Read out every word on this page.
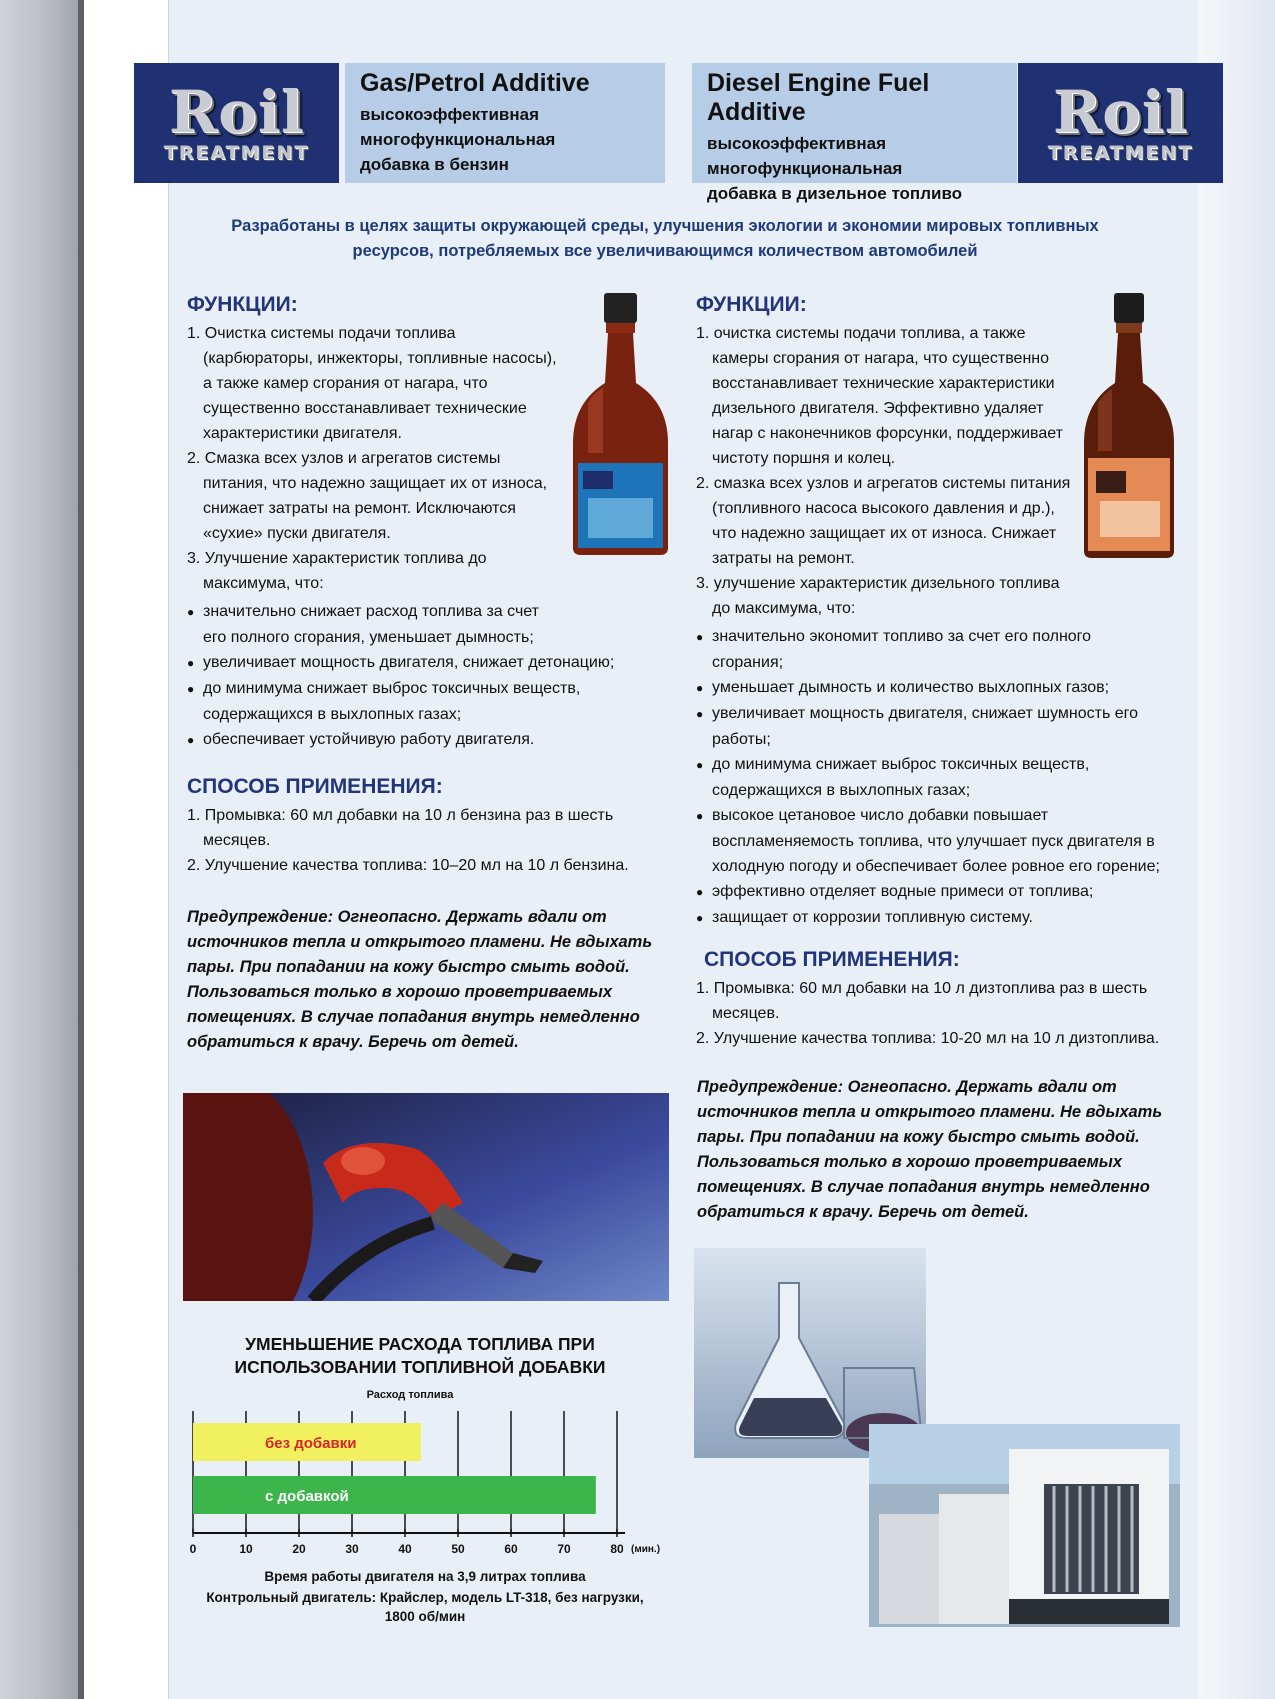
Roil
TREATMENT
Gas/Petrol Additive
высокоэффективная
многофункциональная
добавка в бензин
Diesel Engine Fuel Additive
высокоэффективная
многофункциональная
добавка в дизельное топливо
Roil
TREATMENT
Разработаны в целях защиты окружающей среды, улучшения экологии и экономии мировых топливных ресурсов, потребляемых все увеличивающимся количеством автомобилей
ФУНКЦИИ:

1. Очистка системы подачи топлива (карбюраторы, инжекторы, топливные насосы), а также камер сгорания от нагара, что существенно восстанавливает технические характеристики двигателя.

2. Смазка всех узлов и агрегатов системы питания, что надежно защищает их от износа, снижает затраты на ремонт. Исключаются «сухие» пуски двигателя.

3. Улучшение характеристик топлива до максимума, что:

● значительно снижает расход топлива за счет его полного сгорания, уменьшает дымность;

● увеличивает мощность двигателя, снижает детонацию;

● до минимума снижает выброс токсичных веществ, содержащихся в выхлопных газах;

● обеспечивает устойчивую работу двигателя.

СПОСОБ ПРИМЕНЕНИЯ:

1. Промывка: 60 мл добавки на 10 л бензина раз в шесть месяцев.

2. Улучшение качества топлива: 10–20 мл на 10 л бензина.

Предупреждение: Огнеопасно. Держать вдали от источников тепла и открытого пламени. Не вдыхать пары. При попадании на кожу быстро смыть водой. Пользоваться только в хорошо проветриваемых помещениях. В случае попадания внутрь немедленно обратиться к врачу. Беречь от детей.
ФУНКЦИИ:

1. очистка системы подачи топлива, а также камеры сгорания от нагара, что существенно восстанавливает технические характеристики дизельного двигателя. Эффективно удаляет нагар с наконечников форсунки, поддерживает чистоту поршня и колец.

2. смазка всех узлов и агрегатов системы питания (топливного насоса высокого давления и др.), что надежно защищает их от износа. Снижает затраты на ремонт.

3. улучшение характеристик дизельного топлива до максимума, что:

● значительно экономит топливо за счет его полного сгорания;

● уменьшает дымность и количество выхлопных газов;

● увеличивает мощность двигателя, снижает шумность его работы;

● до минимума снижает выброс токсичных веществ, содержащихся в выхлопных газах;

● высокое цетановое число добавки повышает воспламеняемость топлива, что улучшает пуск двигателя в холодную погоду и обеспечивает более ровное его горение;

● эффективно отделяет водные примеси от топлива;

● защищает от коррозии топливную систему.

СПОСОБ ПРИМЕНЕНИЯ:

1. Промывка: 60 мл добавки на 10 л дизтоплива раз в шесть месяцев.

2. Улучшение качества топлива: 10-20 мл на 10 л дизтоплива.

Предупреждение: Огнеопасно. Держать вдали от источников тепла и открытого пламени. Не вдыхать пары. При попадании на кожу быстро смыть водой. Пользоваться только в хорошо проветриваемых помещениях. В случае попадания внутрь немедленно обратиться к врачу. Беречь от детей.
УМЕНЬШЕНИЕ РАСХОДА ТОПЛИВА ПРИ ИСПОЛЬЗОВАНИИ ТОПЛИВНОЙ ДОБАВКИ
Расход топлива
без добавки
с добавкой
0	10	20	30	40	50	60	70	80 (мин.)
Время работы двигателя на 3,9 литрах топлива
Контрольный двигатель: Крайслер, модель LT-318, без нагрузки,
1800 об/мин
